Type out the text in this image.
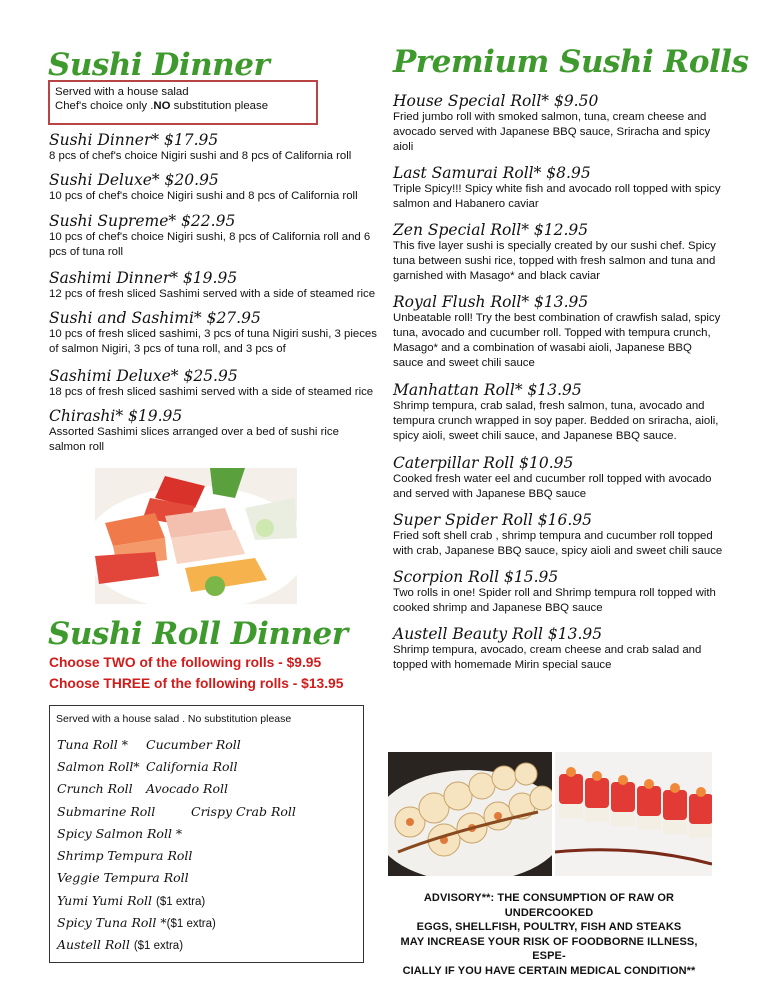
Sushi Dinner
Served with a house salad
Chef's choice only .NO substitution please
Sushi Dinner* $17.95
8 pcs of chef's choice Nigiri sushi and 8 pcs of California roll
Sushi Deluxe* $20.95
10 pcs of chef's choice Nigiri sushi and 8 pcs of California roll
Sushi Supreme* $22.95
10 pcs of chef's choice Nigiri sushi, 8 pcs of California roll and 6 pcs of tuna roll
Sashimi Dinner* $19.95
12 pcs of fresh sliced Sashimi served with a side of steamed rice
Sushi and Sashimi* $27.95
10 pcs of fresh sliced sashimi, 3 pcs of tuna Nigiri sushi, 3 pieces of salmon Nigiri, 3 pcs of tuna roll, and 3 pcs of
Sashimi Deluxe* $25.95
18 pcs of fresh sliced sashimi served with a side of steamed rice
Chirashi* $19.95
Assorted Sashimi slices arranged over a bed of sushi rice salmon roll
Sushi Roll Dinner
Choose TWO of the following rolls - $9.95
Choose THREE of the following rolls - $13.95
Served with a house salad . No substitution please
Tuna Roll * Cucumber Roll
Salmon Roll* California Roll
Crunch Roll Avocado Roll
Submarine Roll	Crispy Crab Roll
Spicy Salmon Roll *
Shrimp Tempura Roll
Veggie Tempura Roll
Yumi Yumi Roll ($1 extra)
Spicy Tuna Roll *($1 extra)
Austell Roll ($1 extra)
Premium Sushi Rolls
House Special Roll* $9.50
Fried jumbo roll with smoked salmon, tuna, cream cheese and avocado served with Japanese BBQ sauce, Sriracha and spicy aioli
Last Samurai Roll* $8.95
Triple Spicy!!! Spicy white fish and avocado roll topped with spicy salmon and Habanero caviar
Zen Special Roll* $12.95
This five layer sushi is specially created by our sushi chef. Spicy tuna between sushi rice, topped with fresh salmon and tuna and garnished with Masago* and black caviar
Royal Flush Roll* $13.95
Unbeatable roll! Try the best combination of crawfish salad, spicy tuna, avocado and cucumber roll. Topped with tempura crunch, Masago* and a combination of wasabi aioli, Japanese BBQ sauce and sweet chili sauce
Manhattan Roll* $13.95
Shrimp tempura, crab salad, fresh salmon, tuna, avocado and tempura crunch wrapped in soy paper. Bedded on sriracha, aioli, spicy aioli, sweet chili sauce, and Japanese BBQ sauce.
Caterpillar Roll $10.95
Cooked fresh water eel and cucumber roll topped with avocado and served with Japanese BBQ sauce
Super Spider Roll $16.95
Fried soft shell crab , shrimp tempura and cucumber roll topped with crab, Japanese BBQ sauce, spicy aioli and sweet chili sauce
Scorpion Roll $15.95
Two rolls in one! Spider roll and Shrimp tempura roll topped with cooked shrimp and Japanese BBQ sauce
Austell Beauty Roll $13.95
Shrimp tempura, avocado, cream cheese and crab salad and topped with homemade Mirin special sauce
ADVISORY**: THE CONSUMPTION OF RAW OR UNDERCOOKED
EGGS, SHELLFISH, POULTRY, FISH AND STEAKS
MAY INCREASE YOUR RISK OF FOODBORNE ILLNESS, ESPE-
CIALLY IF YOU HAVE CERTAIN MEDICAL CONDITION**
